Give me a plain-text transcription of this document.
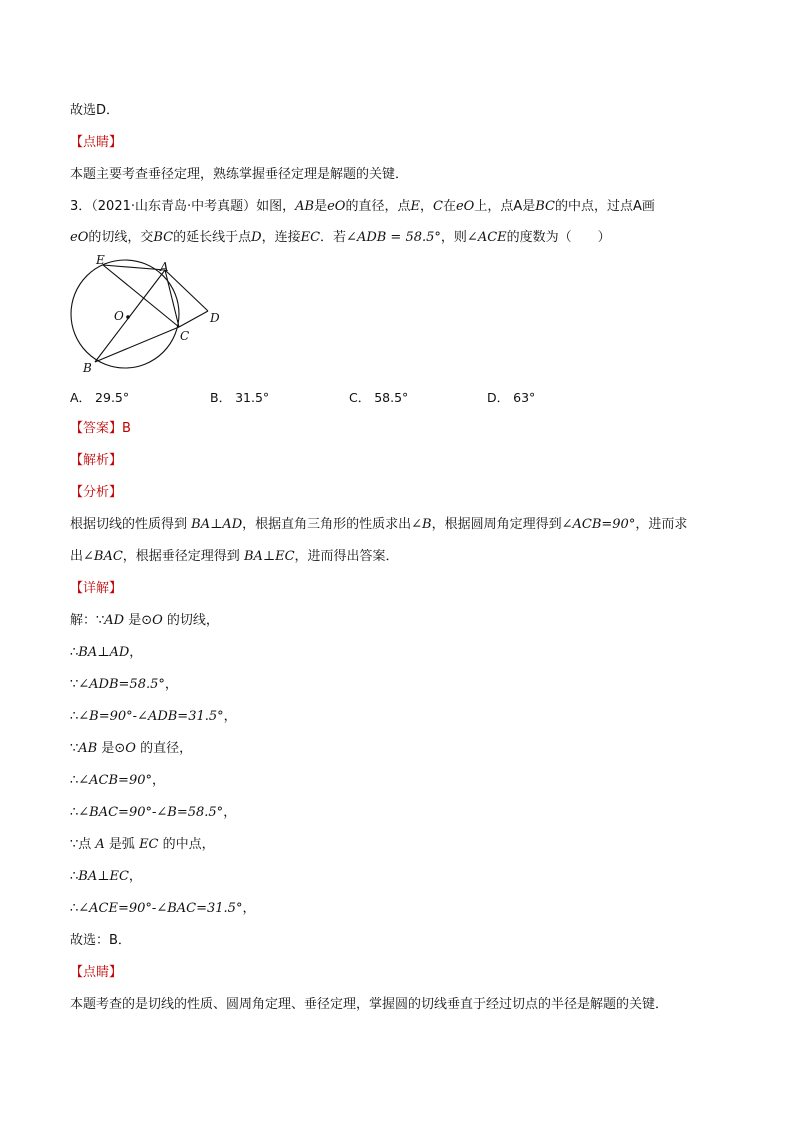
故选D．
【点睛】
本题主要考查垂径定理，熟练掌握垂径定理是解题的关键．
3．（2021·山东青岛·中考真题）如图，AB是eO的直径，点E，C在eO上，点A是BC的中点，过点A画
eO的切线，交BC的延长线于点D，连接EC．若∠ADB = 58.5°，则∠ACE的度数为（　　）
E	A
O
C
D
B
A． 29.5°	B． 31.5°	C． 58.5°	D． 63°
【答案】B
【解析】
【分析】
根据切线的性质得到 BA⊥AD，根据直角三角形的性质求出∠B，根据圆周角定理得到∠ACB=90°，进而求
出∠BAC，根据垂径定理得到 BA⊥EC，进而得出答案．
【详解】
解：∵AD 是⊙O 的切线，
∴BA⊥AD，
∵∠ADB=58.5°，
∴∠B=90°-∠ADB=31.5°，
∵AB 是⊙O 的直径，
∴∠ACB=90°，
∴∠BAC=90°-∠B=58.5°，
∵点 A 是弧 EC 的中点，
∴BA⊥EC，
∴∠ACE=90°-∠BAC=31.5°，
故选：B．
【点睛】
本题考查的是切线的性质、圆周角定理、垂径定理，掌握圆的切线垂直于经过切点的半径是解题的关键．
